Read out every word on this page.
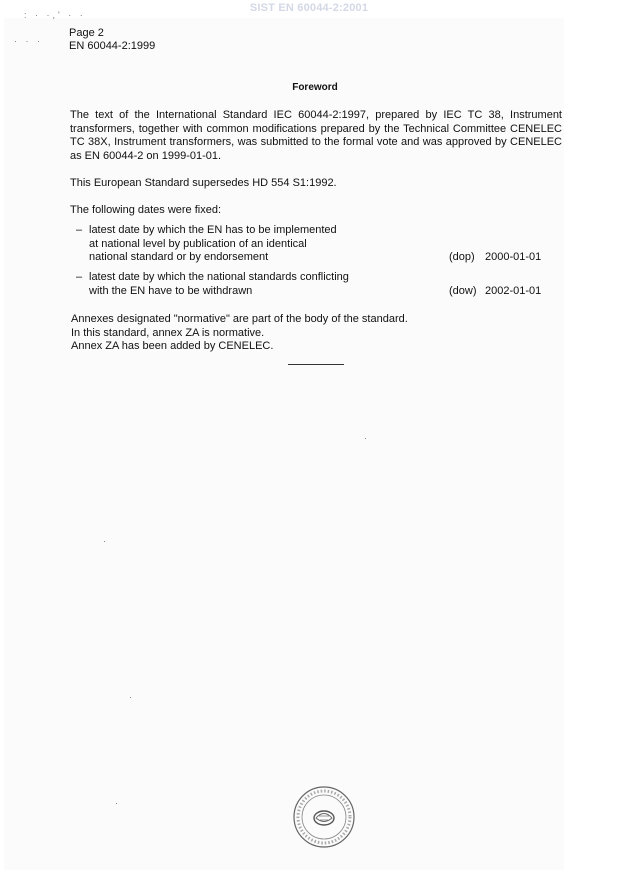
SIST EN 60044-2:2001
: · ·,' · ·
· · ·
Page 2
EN 60044-2:1999
Foreword
The text of the International Standard IEC 60044-2:1997, prepared by IEC TC 38, Instrument transformers, together with common modifications prepared by the Technical Committee CENELEC TC 38X, Instrument transformers, was submitted to the formal vote and was approved by CENELEC as EN 60044-2 on 1999-01-01.
This European Standard supersedes HD 554 S1:1992.
The following dates were fixed:
– latest date by which the EN has to be implemented
at national level by publication of an identical
national standard or by endorsement	(dop) 2000-01-01
– latest date by which the national standards conflicting
with the EN have to be withdrawn	(dow) 2002-01-01
Annexes designated "normative" are part of the body of the standard.
In this standard, annex ZA is normative.
Annex ZA has been added by CENELEC.
